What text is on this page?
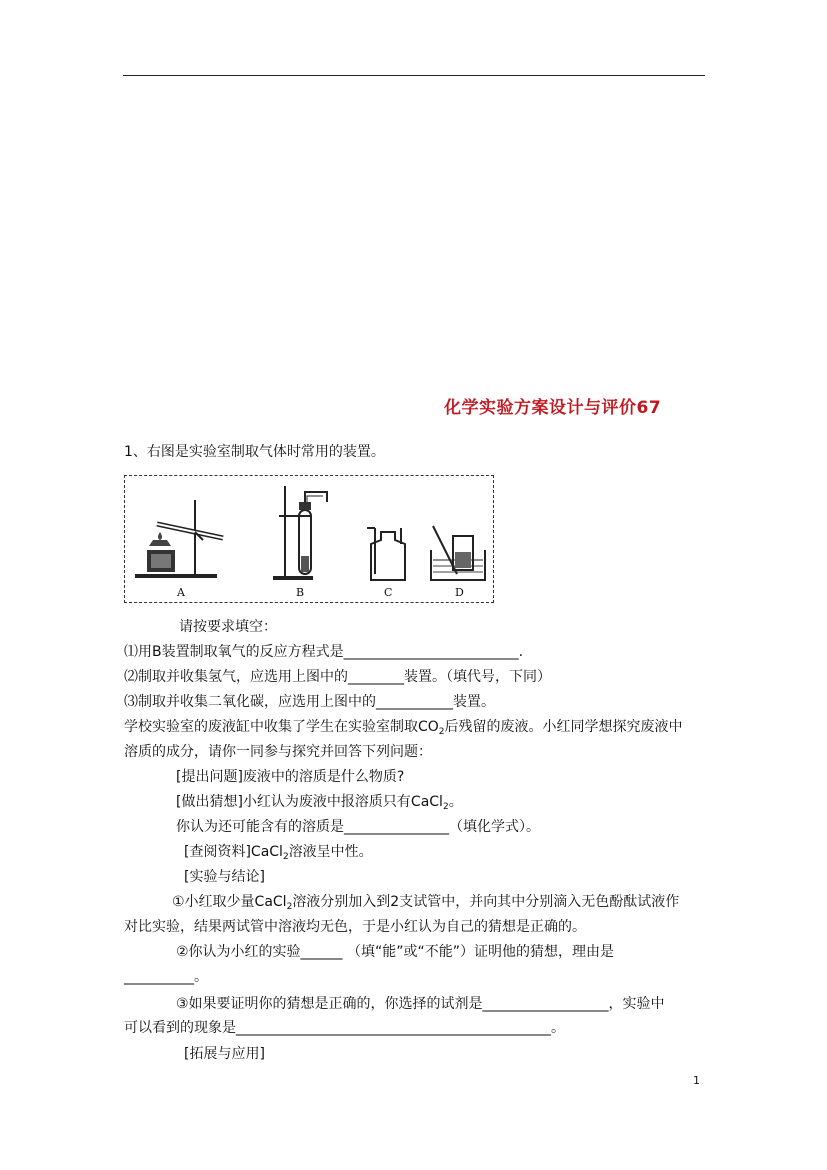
化学实验方案设计与评价67
1、右图是实验室制取气体时常用的装置。
A	B	C	D
请按要求填空：
⑴用B装置制取氧气的反应方程式是_________________________.
⑵制取并收集氢气，应选用上图中的________装置。（填代号，下同）
⑶制取并收集二氧化碳，应选用上图中的___________装置。
学校实验室的废液缸中收集了学生在实验室制取$CO_2$后残留的废液。小红同学想探究废液中
溶质的成分，请你一同参与探究并回答下列问题：
[提出问题]废液中的溶质是什么物质?
[做出猜想]小红认为废液中报溶质只有CaCl$_2$。
你认为还可能含有的溶质是_______________（填化学式）。
[查阅资料]CaCl$_2$溶液呈中性。
[实验与结论]
①小红取少量CaCl$_2$溶液分别加入到2支试管中，并向其中分别滴入无色酚酞试液作
对比实验，结果两试管中溶液均无色，于是小红认为自己的猜想是正确的。
②你认为小红的实验______ （填“能”或“不能”）证明他的猜想，理由是
__________。
③如果要证明你的猜想是正确的，你选择的试剂是__________________，实验中
可以看到的现象是_____________________________________________。
[拓展与应用]
1
